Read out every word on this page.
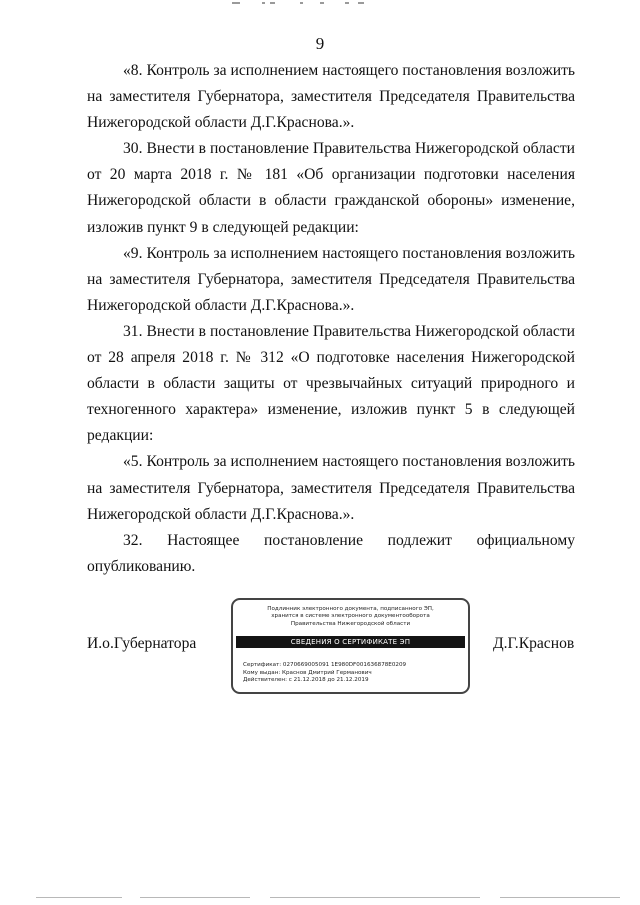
9

«8. Контроль за исполнением настоящего постановления возложить на заместителя Губернатора, заместителя Председателя Правительства Нижегородской области Д.Г.Краснова.».

30. Внести в постановление Правительства Нижегородской области от 20 марта 2018 г. № 181 «Об организации подготовки населения Нижегородской области в области гражданской обороны» изменение, изложив пункт 9 в следующей редакции:

«9. Контроль за исполнением настоящего постановления возложить на заместителя Губернатора, заместителя Председателя Правительства Нижегородской области Д.Г.Краснова.».

31. Внести в постановление Правительства Нижегородской области от 28 апреля 2018 г. № 312 «О подготовке населения Нижегородской области в области защиты от чрезвычайных ситуаций природного и техногенного характера» изменение, изложив пункт 5 в следующей редакции:

«5. Контроль за исполнением настоящего постановления возложить на заместителя Губернатора, заместителя Председателя Правительства Нижегородской области Д.Г.Краснова.».

32. Настоящее постановление подлежит официальному опубликованию.

И.о.Губернатора
Подлинник электронного документа, подписанного ЭП,
хранится в системе электронного документооборота
Правительства Нижегородской области
СВЕДЕНИЯ О СЕРТИФИКАТЕ ЭП
Сертификат: 0270669005091 1E980DF001636878E0209
Кому выдан: Краснов Дмитрий Германович
Действителен: с 21.12.2018 до 21.12.2019
Д.Г.Краснов
